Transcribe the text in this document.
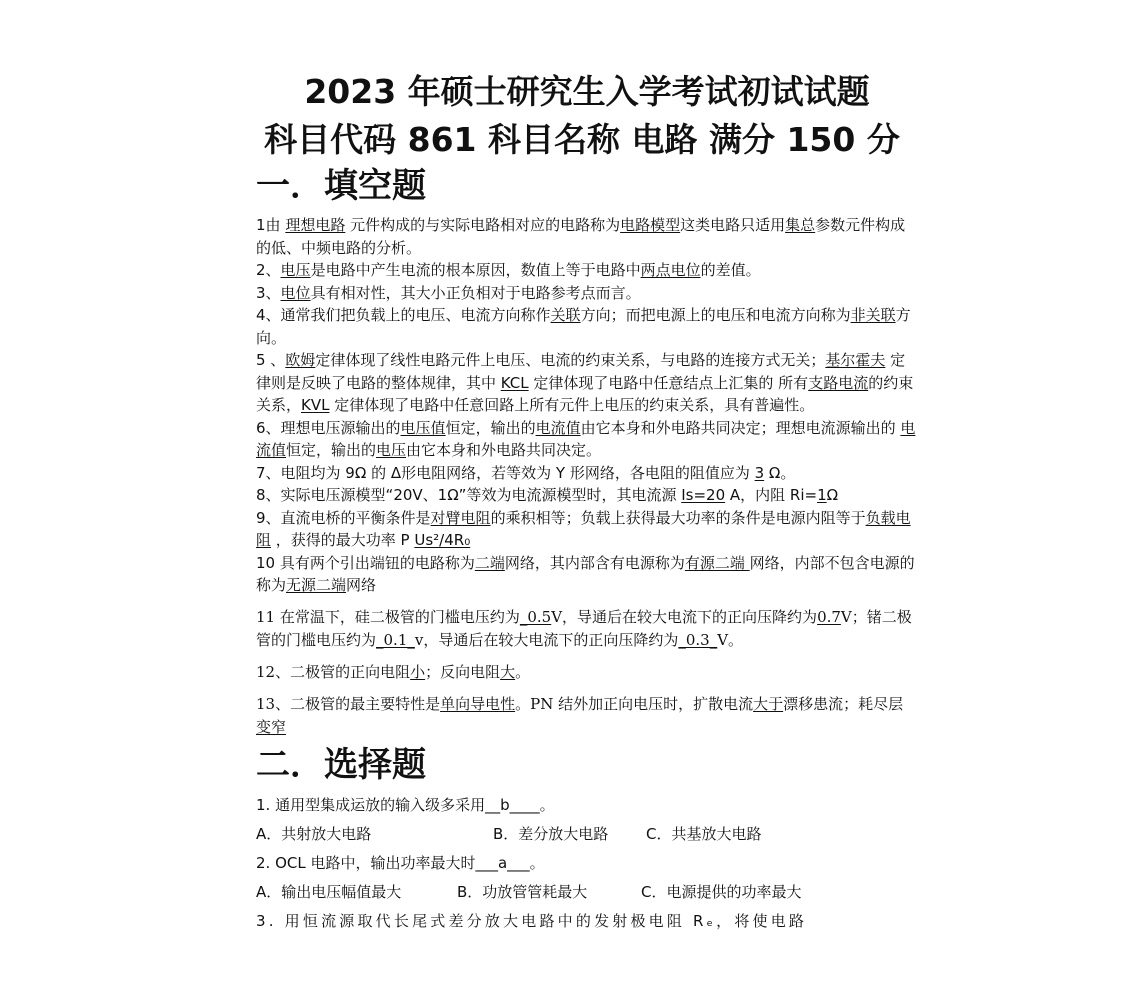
2023 年硕士研究生入学考试初试试题
科目代码 861 科目名称 电路 满分 150 分
一．填空题

1由 理想电路 元件构成的与实际电路相对应的电路称为电路模型这类电路只适用集总参数元件构成的低、中频电路的分析。

2、电压是电路中产生电流的根本原因，数值上等于电路中两点电位的差值。

3、电位具有相对性，其大小正负相对于电路参考点而言。

4、通常我们把负载上的电压、电流方向称作关联方向；而把电源上的电压和电流方向称为非关联方向。

5 、欧姆定律体现了线性电路元件上电压、电流的约束关系，与电路的连接方式无关；基尔霍夫 定律则是反映了电路的整体规律，其中 KCL 定律体现了电路中任意结点上汇集的 所有支路电流的约束关系，KVL 定律体现了电路中任意回路上所有元件上电压的约束关系，具有普遍性。

6、理想电压源输出的电压值恒定，输出的电流值由它本身和外电路共同决定；理想电流源输出的 电流值恒定，输出的电压由它本身和外电路共同决定。

7、电阻均为 9Ω 的 Δ形电阻网络，若等效为 Y 形网络，各电阻的阻值应为 3 Ω。

8、实际电压源模型“20V、1Ω”等效为电流源模型时，其电流源 Is=20 A，内阻 Ri=1Ω

9、直流电桥的平衡条件是对臂电阻的乘积相等；负载上获得最大功率的条件是电源内阻等于负载电阻 ，获得的最大功率 P Us²/4R₀

10 具有两个引出端钮的电路称为二端网络，其内部含有电源称为有源二端 网络，内部不包含电源的称为无源二端网络

11 在常温下，硅二极管的门槛电压约为_0.5V，导通后在较大电流下的正向压降约为0.7V；锗二极管的门槛电压约为_0.1_v，导通后在较大电流下的正向压降约为_0.3_V。

12、二极管的正向电阻小；反向电阻大。

13、二极管的最主要特性是单向导电性。PN 结外加正向电压时，扩散电流大于漂移患流；耗尽层变窄

二．选择题
1. 通用型集成运放的输入级多采用__b____。
A．共射放大电路	B．差分放大电路	C．共基放大电路
2. OCL 电路中，输出功率最大时___a___。
A．输出电压幅值最大	B．功放管管耗最大	C．电源提供的功率最大
3. 用恒流源取代长尾式差分放大电路中的发射极电阻 Rₑ，将使电路
